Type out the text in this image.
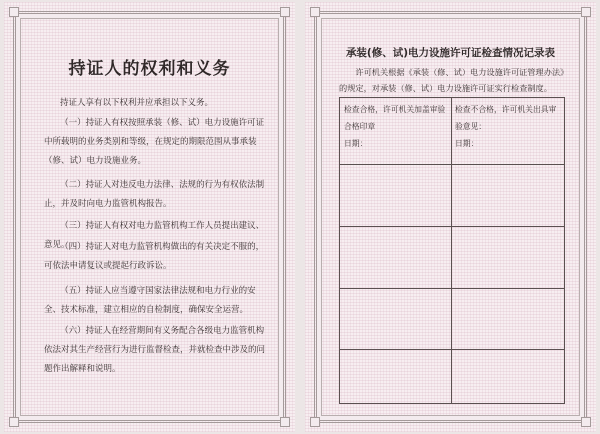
持证人的权利和义务
持证人享有以下权利并应承担以下义务。
（一）持证人有权按照承装（修、试）电力设施许可证中所载明的业务类别和等级，在规定的期限范围从事承装（修、试）电力设施业务。
（二）持证人对违反电力法律、法规的行为有权依法制止，并及时向电力监管机构报告。
（三）持证人有权对电力监管机构工作人员提出建议、意见。
（四）持证人对电力监管机构做出的有关决定不服的，可依法申请复议或提起行政诉讼。
（五）持证人应当遵守国家法律法规和电力行业的安全、技术标准，建立相应的自检制度，确保安全运营。
（六）持证人在经营期间有义务配合各级电力监管机构依法对其生产经营行为进行监督检查，并就检查中涉及的问题作出解释和说明。
承装(修、试)电力设施许可证检查情况记录表
许可机关根据《承装（修、试）电力设施许可证管理办法》的规定，对承装（修、试）电力设施许可证实行检查制度。
检查合格，许可机关加盖审验合格印章
日期：
检查不合格，许可机关出具审验意见：
日期：
